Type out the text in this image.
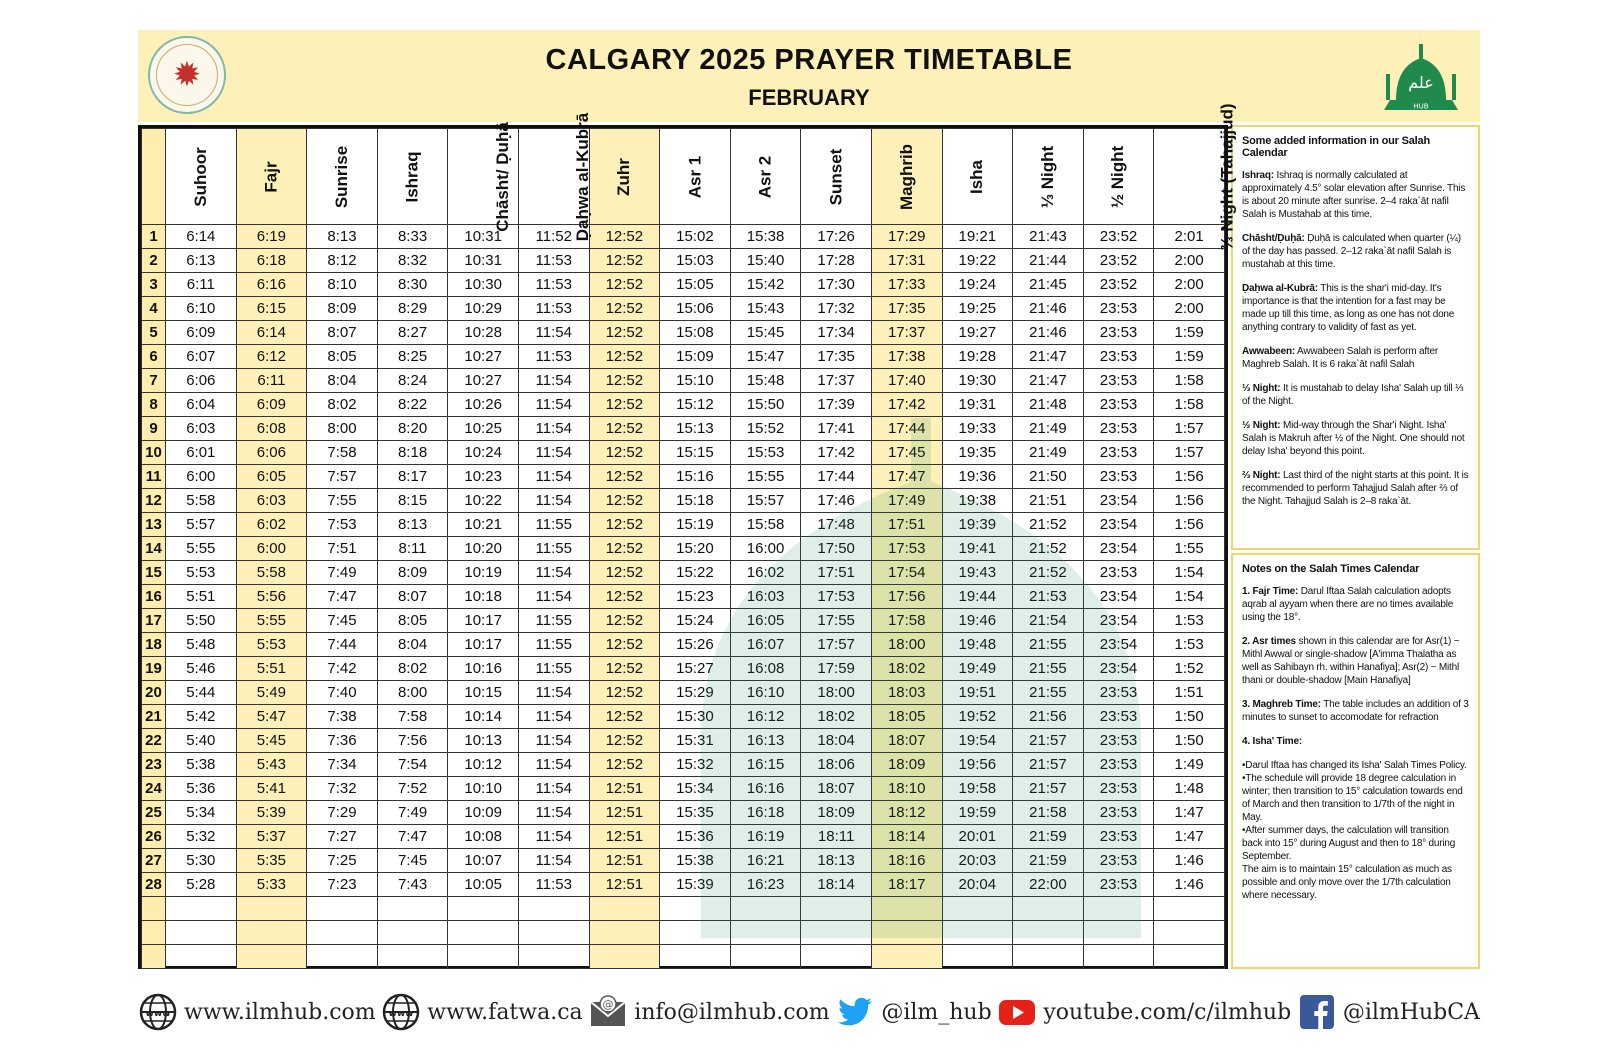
✹	CALGARY 2025 PRAYER TIMETABLE
FEBRUARY
علم
HUB
	Suhoor	Fajr	Sunrise	Ishraq	Chāsht/ Ḍuḥā	Ḍaḥwa al-Kubrā	Zuhr	Asr 1	Asr 2	Sunset	Maghrib	Isha	⅓ Night	½ Night	⅔ Night (Tahajjud)
1	6:14	6:19	8:13	8:33	10:31	11:52	12:52	15:02	15:38	17:26	17:29	19:21	21:43	23:52	2:01
2	6:13	6:18	8:12	8:32	10:31	11:53	12:52	15:03	15:40	17:28	17:31	19:22	21:44	23:52	2:00
3	6:11	6:16	8:10	8:30	10:30	11:53	12:52	15:05	15:42	17:30	17:33	19:24	21:45	23:52	2:00
4	6:10	6:15	8:09	8:29	10:29	11:53	12:52	15:06	15:43	17:32	17:35	19:25	21:46	23:53	2:00
5	6:09	6:14	8:07	8:27	10:28	11:54	12:52	15:08	15:45	17:34	17:37	19:27	21:46	23:53	1:59
6	6:07	6:12	8:05	8:25	10:27	11:53	12:52	15:09	15:47	17:35	17:38	19:28	21:47	23:53	1:59
7	6:06	6:11	8:04	8:24	10:27	11:54	12:52	15:10	15:48	17:37	17:40	19:30	21:47	23:53	1:58
8	6:04	6:09	8:02	8:22	10:26	11:54	12:52	15:12	15:50	17:39	17:42	19:31	21:48	23:53	1:58
9	6:03	6:08	8:00	8:20	10:25	11:54	12:52	15:13	15:52	17:41	17:44	19:33	21:49	23:53	1:57
10	6:01	6:06	7:58	8:18	10:24	11:54	12:52	15:15	15:53	17:42	17:45	19:35	21:49	23:53	1:57
11	6:00	6:05	7:57	8:17	10:23	11:54	12:52	15:16	15:55	17:44	17:47	19:36	21:50	23:53	1:56
12	5:58	6:03	7:55	8:15	10:22	11:54	12:52	15:18	15:57	17:46	17:49	19:38	21:51	23:54	1:56
13	5:57	6:02	7:53	8:13	10:21	11:55	12:52	15:19	15:58	17:48	17:51	19:39	21:52	23:54	1:56
14	5:55	6:00	7:51	8:11	10:20	11:55	12:52	15:20	16:00	17:50	17:53	19:41	21:52	23:54	1:55
15	5:53	5:58	7:49	8:09	10:19	11:54	12:52	15:22	16:02	17:51	17:54	19:43	21:52	23:53	1:54
16	5:51	5:56	7:47	8:07	10:18	11:54	12:52	15:23	16:03	17:53	17:56	19:44	21:53	23:54	1:54
17	5:50	5:55	7:45	8:05	10:17	11:55	12:52	15:24	16:05	17:55	17:58	19:46	21:54	23:54	1:53
18	5:48	5:53	7:44	8:04	10:17	11:55	12:52	15:26	16:07	17:57	18:00	19:48	21:55	23:54	1:53
19	5:46	5:51	7:42	8:02	10:16	11:55	12:52	15:27	16:08	17:59	18:02	19:49	21:55	23:54	1:52
20	5:44	5:49	7:40	8:00	10:15	11:54	12:52	15:29	16:10	18:00	18:03	19:51	21:55	23:53	1:51
21	5:42	5:47	7:38	7:58	10:14	11:54	12:52	15:30	16:12	18:02	18:05	19:52	21:56	23:53	1:50
22	5:40	5:45	7:36	7:56	10:13	11:54	12:52	15:31	16:13	18:04	18:07	19:54	21:57	23:53	1:50
23	5:38	5:43	7:34	7:54	10:12	11:54	12:52	15:32	16:15	18:06	18:09	19:56	21:57	23:53	1:49
24	5:36	5:41	7:32	7:52	10:10	11:54	12:51	15:34	16:16	18:07	18:10	19:58	21:57	23:53	1:48
25	5:34	5:39	7:29	7:49	10:09	11:54	12:51	15:35	16:18	18:09	18:12	19:59	21:58	23:53	1:47
26	5:32	5:37	7:27	7:47	10:08	11:54	12:51	15:36	16:19	18:11	18:14	20:01	21:59	23:53	1:47
27	5:30	5:35	7:25	7:45	10:07	11:54	12:51	15:38	16:21	18:13	18:16	20:03	21:59	23:53	1:46
28	5:28	5:33	7:23	7:43	10:05	11:53	12:51	15:39	16:23	18:14	18:17	20:04	22:00	23:53	1:46

Some added information in our Salah Calendar

Ishraq: Ishraq is normally calculated at approximately 4.5° solar elevation after Sunrise. This is about 20 minute after sunrise. 2–4 raka`āt nafil Salah is Mustahab at this time.

Chāsht/Ḍuḥā: Ḍuḥā is calculated when quarter (¼) of the day has passed. 2–12 raka`āt nafil Salah is mustahab at this time.

Ḍaḥwa al-Kubrā: This is the shar'i mid-day. It's importance is that the intention for a fast may be made up till this time, as long as one has not done anything contrary to validity of fast as yet.

Awwabeen: Awwabeen Salah is perform after Maghreb Salah. It is 6 raka`āt nafil Salah

⅓ Night: It is mustahab to delay Isha' Salah up till ⅓ of the Night.

½ Night: Mid-way through the Shar'i Night. Isha' Salah is Makruh after ½ of the Night. One should not delay Isha' beyond this point.

⅔ Night: Last third of the night starts at this point. It is recommended to perform Tahajjud Salah after ⅔ of the Night. Tahajjud Salah is 2–8 raka`āt.

Notes on the Salah Times Calendar

1. Fajr Time: Darul Iftaa Salah calculation adopts aqrab al ayyam when there are no times available using the 18°.

2. Asr times shown in this calendar are for Asr(1) ~ Mithl Awwal or single-shadow [A'imma Thalatha as well as Sahibayn rh. within Hanafiya]; Asr(2) ~ Mithl thani or double-shadow [Main Hanafiya]

3. Maghreb Time: The table includes an addition of 3 minutes to sunset to accomodate for refraction

4. Isha' Time:

•Darul Iftaa has changed its Isha' Salah Times Policy.

•The schedule will provide 18 degree calculation in winter; then transition to 15° calculation towards end of March and then transition to 1/7th of the night in May.

•After summer days, the calculation will transition back into 15° during August and then to 18° during September.

The aim is to maintain 15° calculation as much as possible and only move over the 1/7th calculation where necessary.

www www.ilmhub.com www www.fatwa.ca @ info@ilmhub.com @ilm_hub youtube.com/c/ilmhub @ilmHubCA
